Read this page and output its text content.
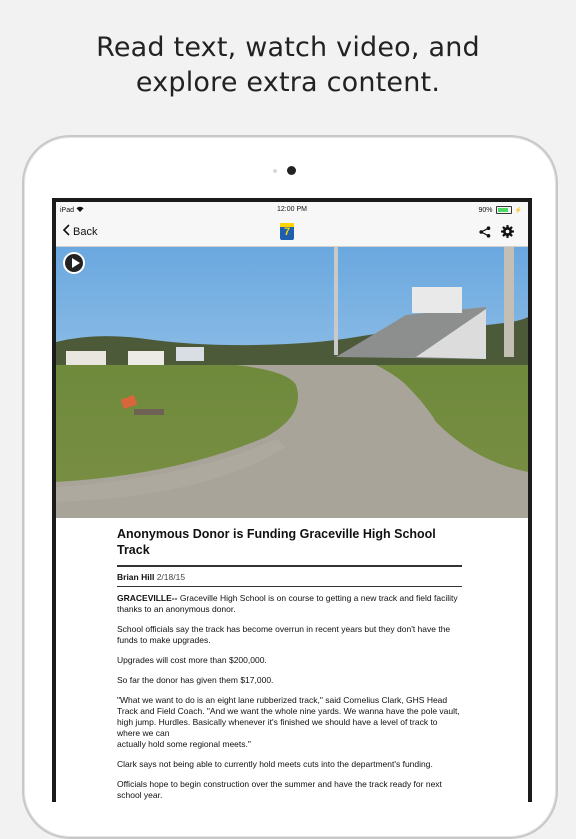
Read text, watch video, and
explore extra content.
iPad	12:00 PM	90%	⚡
Back	7
Anonymous Donor is Funding Graceville High School Track
Brian Hill 2/18/15
GRACEVILLE-- Graceville High School is on course to getting a new track and field facility thanks to an anonymous donor.
School officials say the track has become overrun in recent years but they don't have the funds to make upgrades.
Upgrades will cost more than $200,000.
So far the donor has given them $17,000.
"What we want to do is an eight lane rubberized track," said Cornelius Clark, GHS Head Track and Field Coach. "And we want the whole nine yards. We wanna have the pole vault, high jump. Hurdles. Basically whenever it's finished we should have a level of track to where we can
actually hold some regional meets."
Clark says not being able to currently hold meets cuts into the department's funding.
Officials hope to begin construction over the summer and have the track ready for next school year.
